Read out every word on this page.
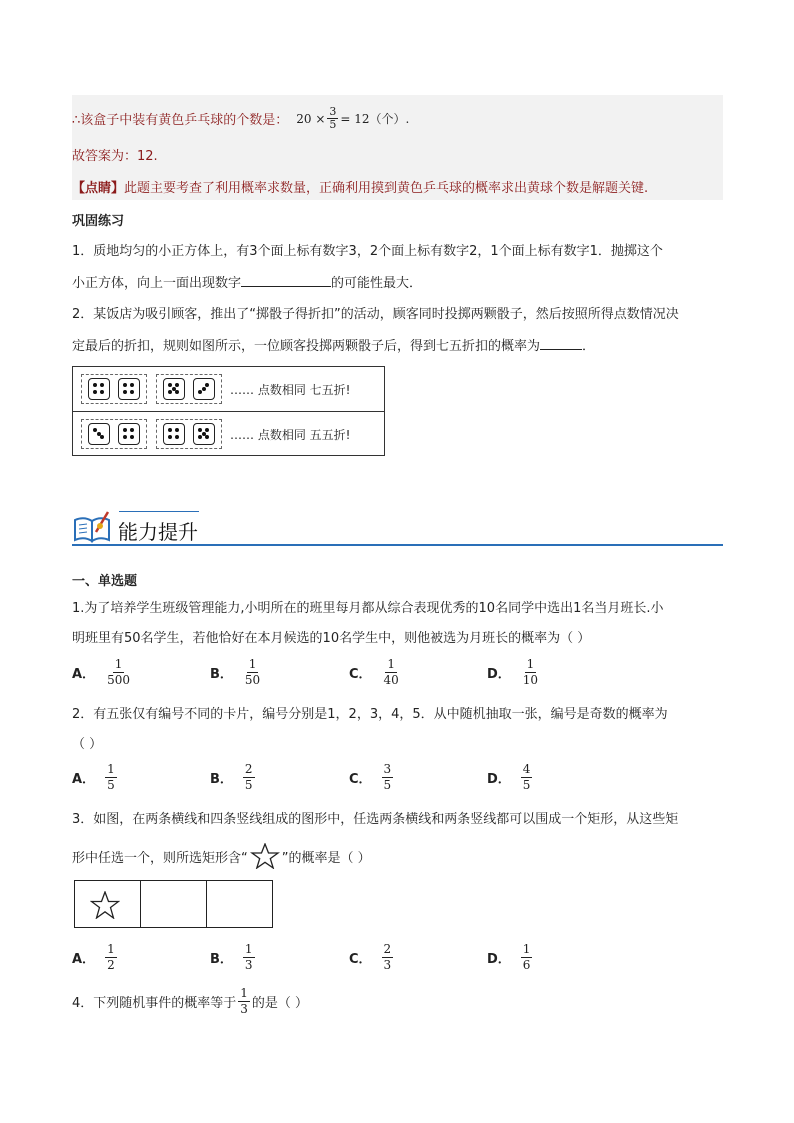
∴该盒子中装有黄色乒乓球的个数是： $20 \times \frac{3}{5} = 12$（个）.
故答案为：12.
【点睛】此题主要考查了利用概率求数量，正确利用摸到黄色乒乓球的概率求出黄球个数是解题关键.
巩固练习
1．质地均匀的小正方体上，有3个面上标有数字3，2个面上标有数字2，1个面上标有数字1．抛掷这个
小正方体，向上一面出现数字	的可能性最大．
2．某饭店为吸引顾客，推出了“掷骰子得折扣”的活动，顾客同时投掷两颗骰子，然后按照所得点数情况决
定最后的折扣，规则如图所示，一位顾客投掷两颗骰子后，得到七五折扣的概率为	．
…… 点数相同 七五折!
…… 点数相同 五五折!
能力提升
一、单选题
1.为了培养学生班级管理能力,小明所在的班里每月都从综合表现优秀的10名同学中选出1名当月班长.小
明班里有50名学生，若他恰好在本月候选的10名学生中，则他被选为月班长的概率为（ ）
A． $\frac{1}{500}$	B． $\frac{1}{50}$	C． $\frac{1}{40}$	D． $\frac{1}{10}$
2．有五张仅有编号不同的卡片，编号分别是1，2，3，4，5．从中随机抽取一张，编号是奇数的概率为
（ ）
A． $\frac{1}{5}$	B． $\frac{2}{5}$	C． $\frac{3}{5}$	D． $\frac{4}{5}$
3．如图，在两条横线和四条竖线组成的图形中，任选两条横线和两条竖线都可以围成一个矩形，从这些矩
形中任选一个，则所选矩形含“	”的概率是（ ）
A． $\frac{1}{2}$	B． $\frac{1}{3}$	C． $\frac{2}{3}$	D． $\frac{1}{6}$
4．下列随机事件的概率等于 $\frac{1}{3}$ 的是（ ）
